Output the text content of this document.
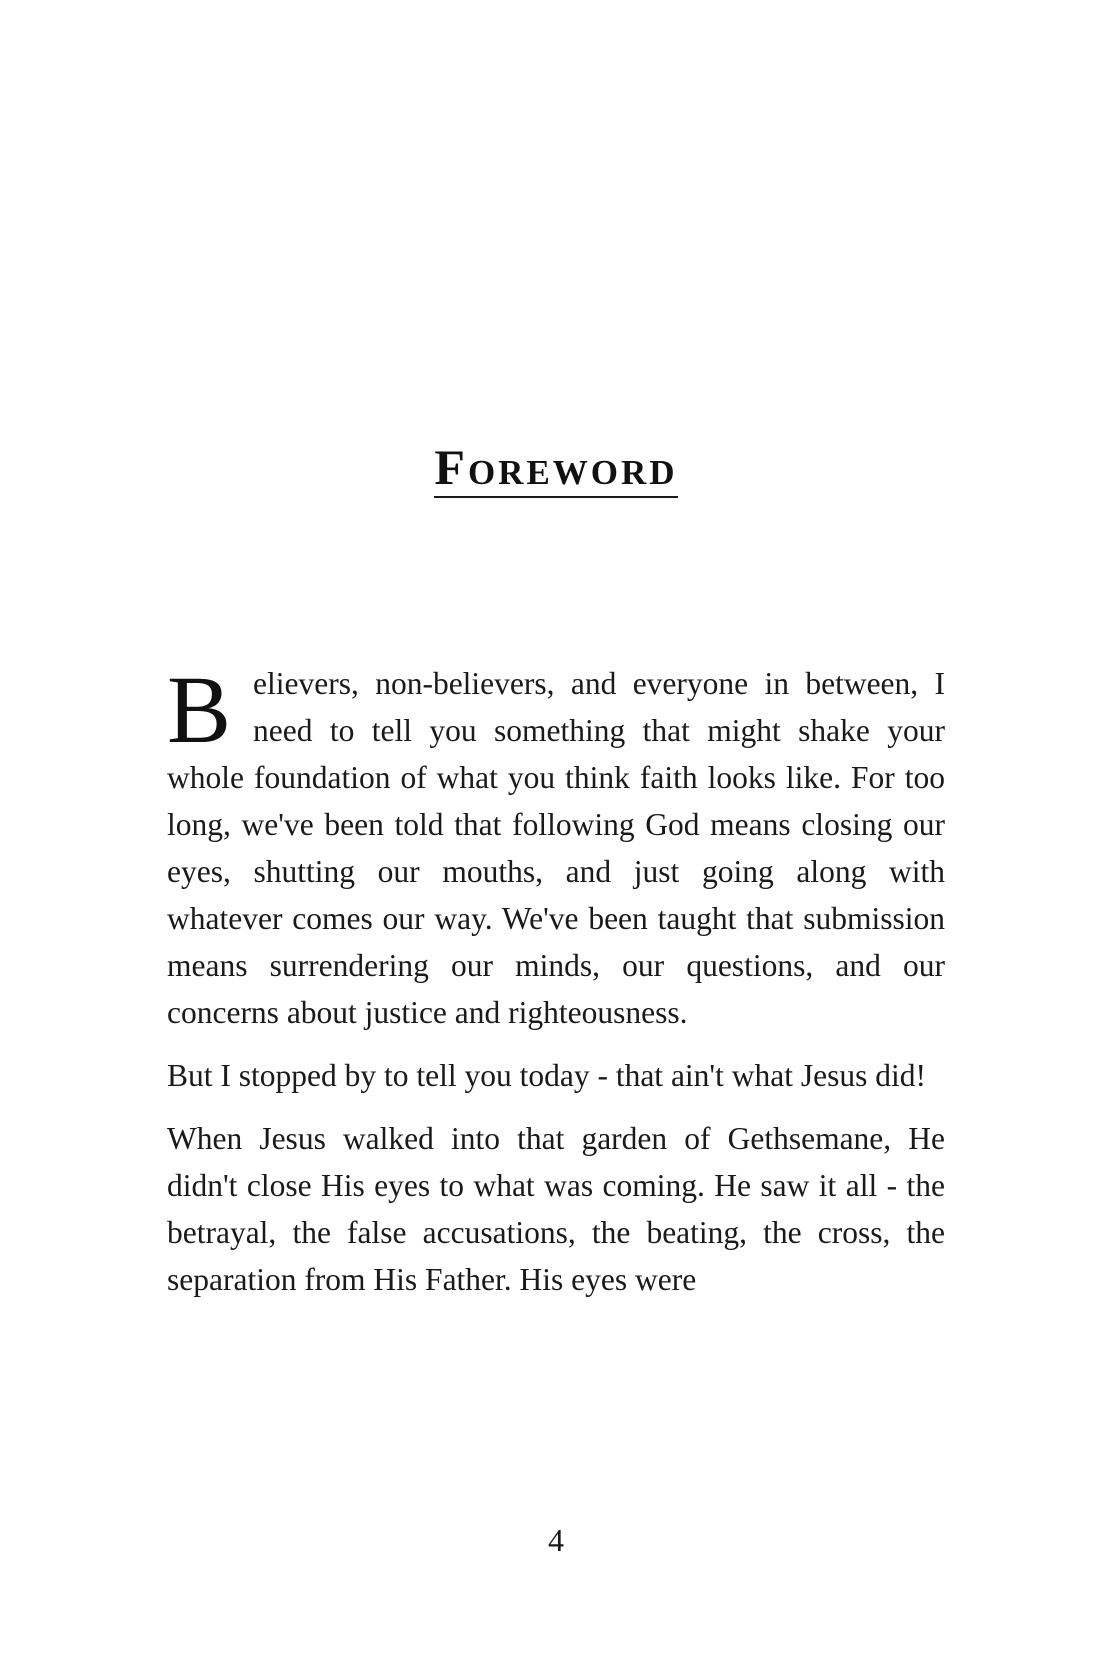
Foreword

Believers, non-believers, and everyone in between, I need to tell you something that might shake your whole foundation of what you think faith looks like. For too long, we've been told that following God means closing our eyes, shutting our mouths, and just going along with whatever comes our way. We've been taught that submission means surrendering our minds, our questions, and our concerns about justice and righteousness.

But I stopped by to tell you today - that ain't what Jesus did!

When Jesus walked into that garden of Gethsemane, He didn't close His eyes to what was coming. He saw it all - the betrayal, the false accusations, the beating, the cross, the separation from His Father. His eyes were

4
